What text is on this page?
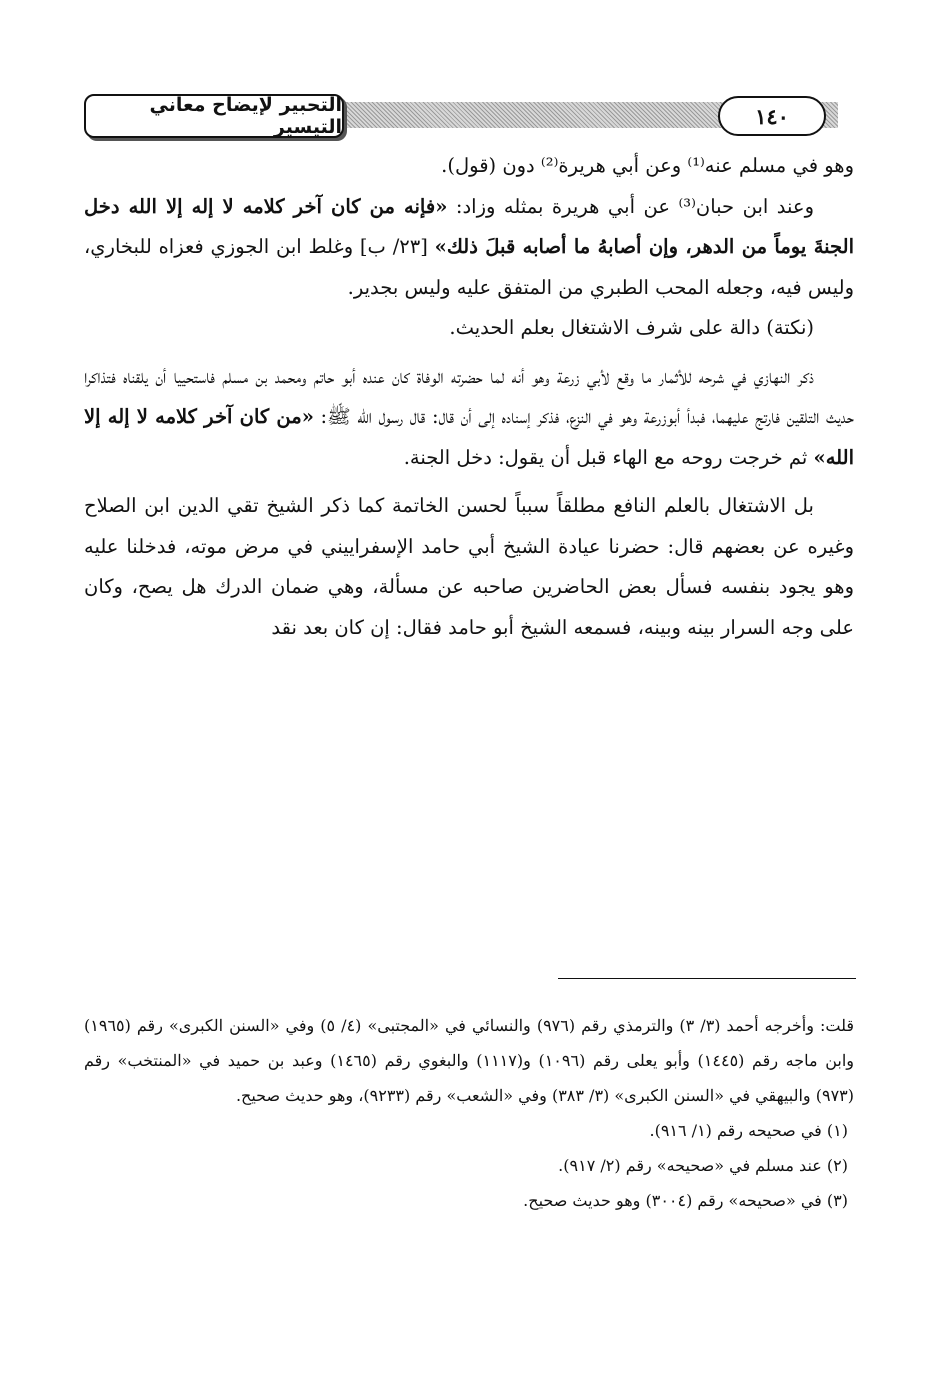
التحبير لإيضاح معاني التيسير	١٤٠

وهو في مسلم عنه⁽¹⁾ وعن أبي هريرة⁽²⁾ دون (قول).

وعند ابن حبان⁽³⁾ عن أبي هريرة بمثله وزاد: «فإنه من كان آخر كلامه لا إله إلا الله دخل الجنةَ يوماً من الدهر، وإن أصابهُ ما أصابه قبلَ ذلك» [٢٣/ ب] وغلط ابن الجوزي فعزاه للبخاري، وليس فيه، وجعله المحب الطبري من المتفق عليه وليس بجدير.

(نكتة) دالة على شرف الاشتغال بعلم الحديث.

ذكر النهازي في شرحه للأثمار ما وقع لأبي زرعة وهو أنه لما حضرته الوفاة كان عنده أبو حاتم ومحمد بن مسلم فاستحييا أن يلقناه فتذاكرا حديث التلقين فارتج عليهما، فبدأ أبوزرعة وهو في النزع، فذكر إسناده إلى أن قال: قال رسول الله ﷺ: «من كان آخر كلامه لا إله إلا الله» ثم خرجت روحه مع الهاء قبل أن يقول: دخل الجنة.

بل الاشتغال بالعلم النافع مطلقاً سبباً لحسن الخاتمة كما ذكر الشيخ تقي الدين ابن الصلاح وغيره عن بعضهم قال: حضرنا عيادة الشيخ أبي حامد الإسفراييني في مرض موته، فدخلنا عليه وهو يجود بنفسه فسأل بعض الحاضرين صاحبه عن مسألة، وهي ضمان الدرك هل يصح، وكان على وجه السرار بينه وبينه، فسمعه الشيخ أبو حامد فقال: إن كان بعد نقد

قلت: وأخرجه أحمد (٣/ ٣) والترمذي رقم (٩٧٦) والنسائي في «المجتبى» (٤/ ٥) وفي «السنن الكبرى» رقم (١٩٦٥) وابن ماجه رقم (١٤٤٥) وأبو يعلى رقم (١٠٩٦) و(١١١٧) والبغوي رقم (١٤٦٥) وعبد بن حميد في «المنتخب» رقم (٩٧٣) والبيهقي في «السنن الكبرى» (٣/ ٣٨٣) وفي «الشعب» رقم (٩٢٣٣)، وهو حديث صحيح.

(١) في صحيحه رقم (١/ ٩١٦).

(٢) عند مسلم في «صحيحه» رقم (٢/ ٩١٧).

(٣) في «صحيحه» رقم (٣٠٠٤) وهو حديث صحيح.
